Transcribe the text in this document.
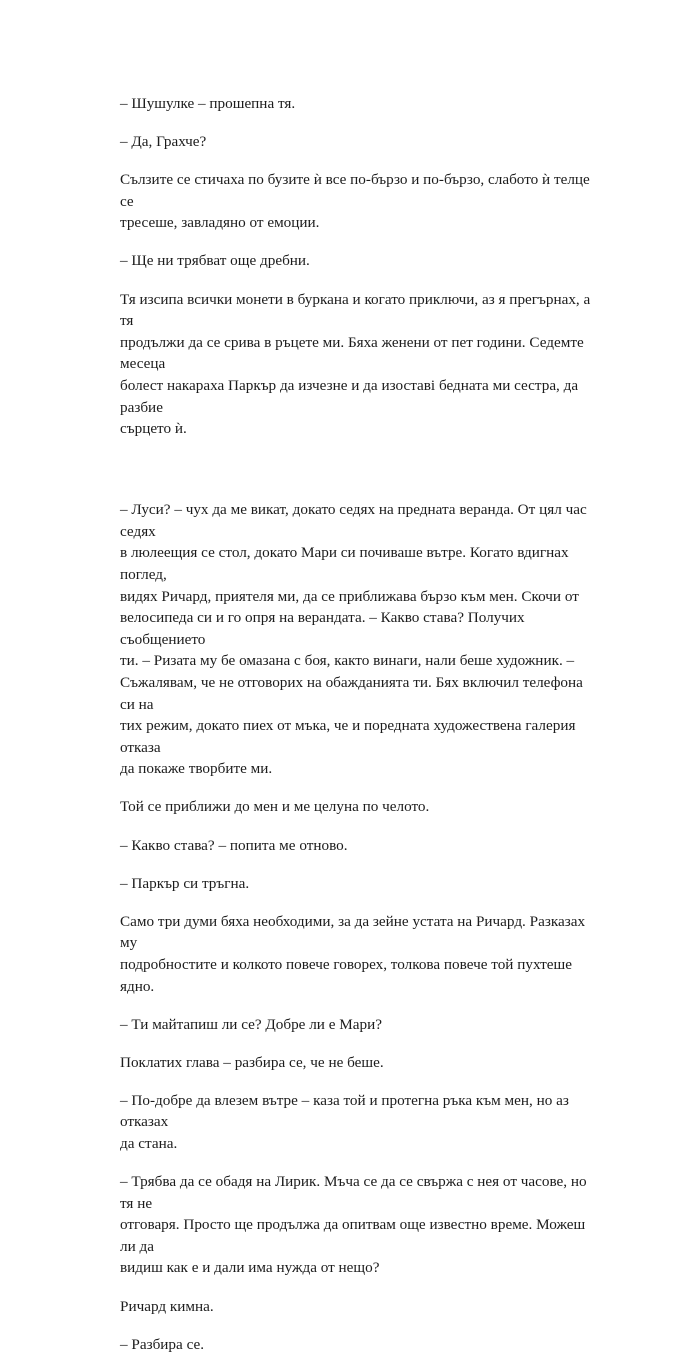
– Шушулке – прошепна тя.

– Да, Грахче?

Сълзите се стичаха по бузите ѝ все по-бързо и по-бързо, слабото ѝ телце се
тресеше, завладяно от емоции.

– Ще ни трябват още дребни.

Тя изсипа всички монети в буркана и когато приключи, аз я прегърнах, а тя
продължи да се срива в ръцете ми. Бяха женени от пет години. Седемте месеца
болест накараха Паркър да изчезне и да изоставі бедната ми сестра, да разбие
сърцето ѝ.

– Луси? – чух да ме викат, докато седях на предната веранда. От цял час седях
в люлеещия се стол, докато Мари си почиваше вътре. Когато вдигнах поглед,
видях Ричард, приятеля ми, да се приближава бързо към мен. Скочи от
велосипеда си и го опря на верандата. – Какво става? Получих съобщението
ти. – Ризата му бе омазана с боя, както винаги, нали беше художник. –
Съжалявам, че не отговорих на обажданията ти. Бях включил телефона си на
тих режим, докато пиех от мъка, че и поредната художествена галерия отказа
да покаже творбите ми.

Той се приближи до мен и ме целуна по челото.

– Какво става? – попита ме отново.

– Паркър си тръгна.

Само три думи бяха необходими, за да зейне устата на Ричард. Разказах му
подробностите и колкото повече говорех, толкова повече той пухтеше ядно.

– Ти майтапиш ли се? Добре ли е Мари?

Поклатих глава – разбира се, че не беше.

– По-добре да влезем вътре – каза той и протегна ръка към мен, но аз отказах
да стана.

– Трябва да се обадя на Лирик. Мъча се да се свържа с нея от часове, но тя не
отговаря. Просто ще продължа да опитвам още известно време. Можеш ли да
видиш как е и дали има нужда от нещо?

Ричард кимна.

– Разбира се.
